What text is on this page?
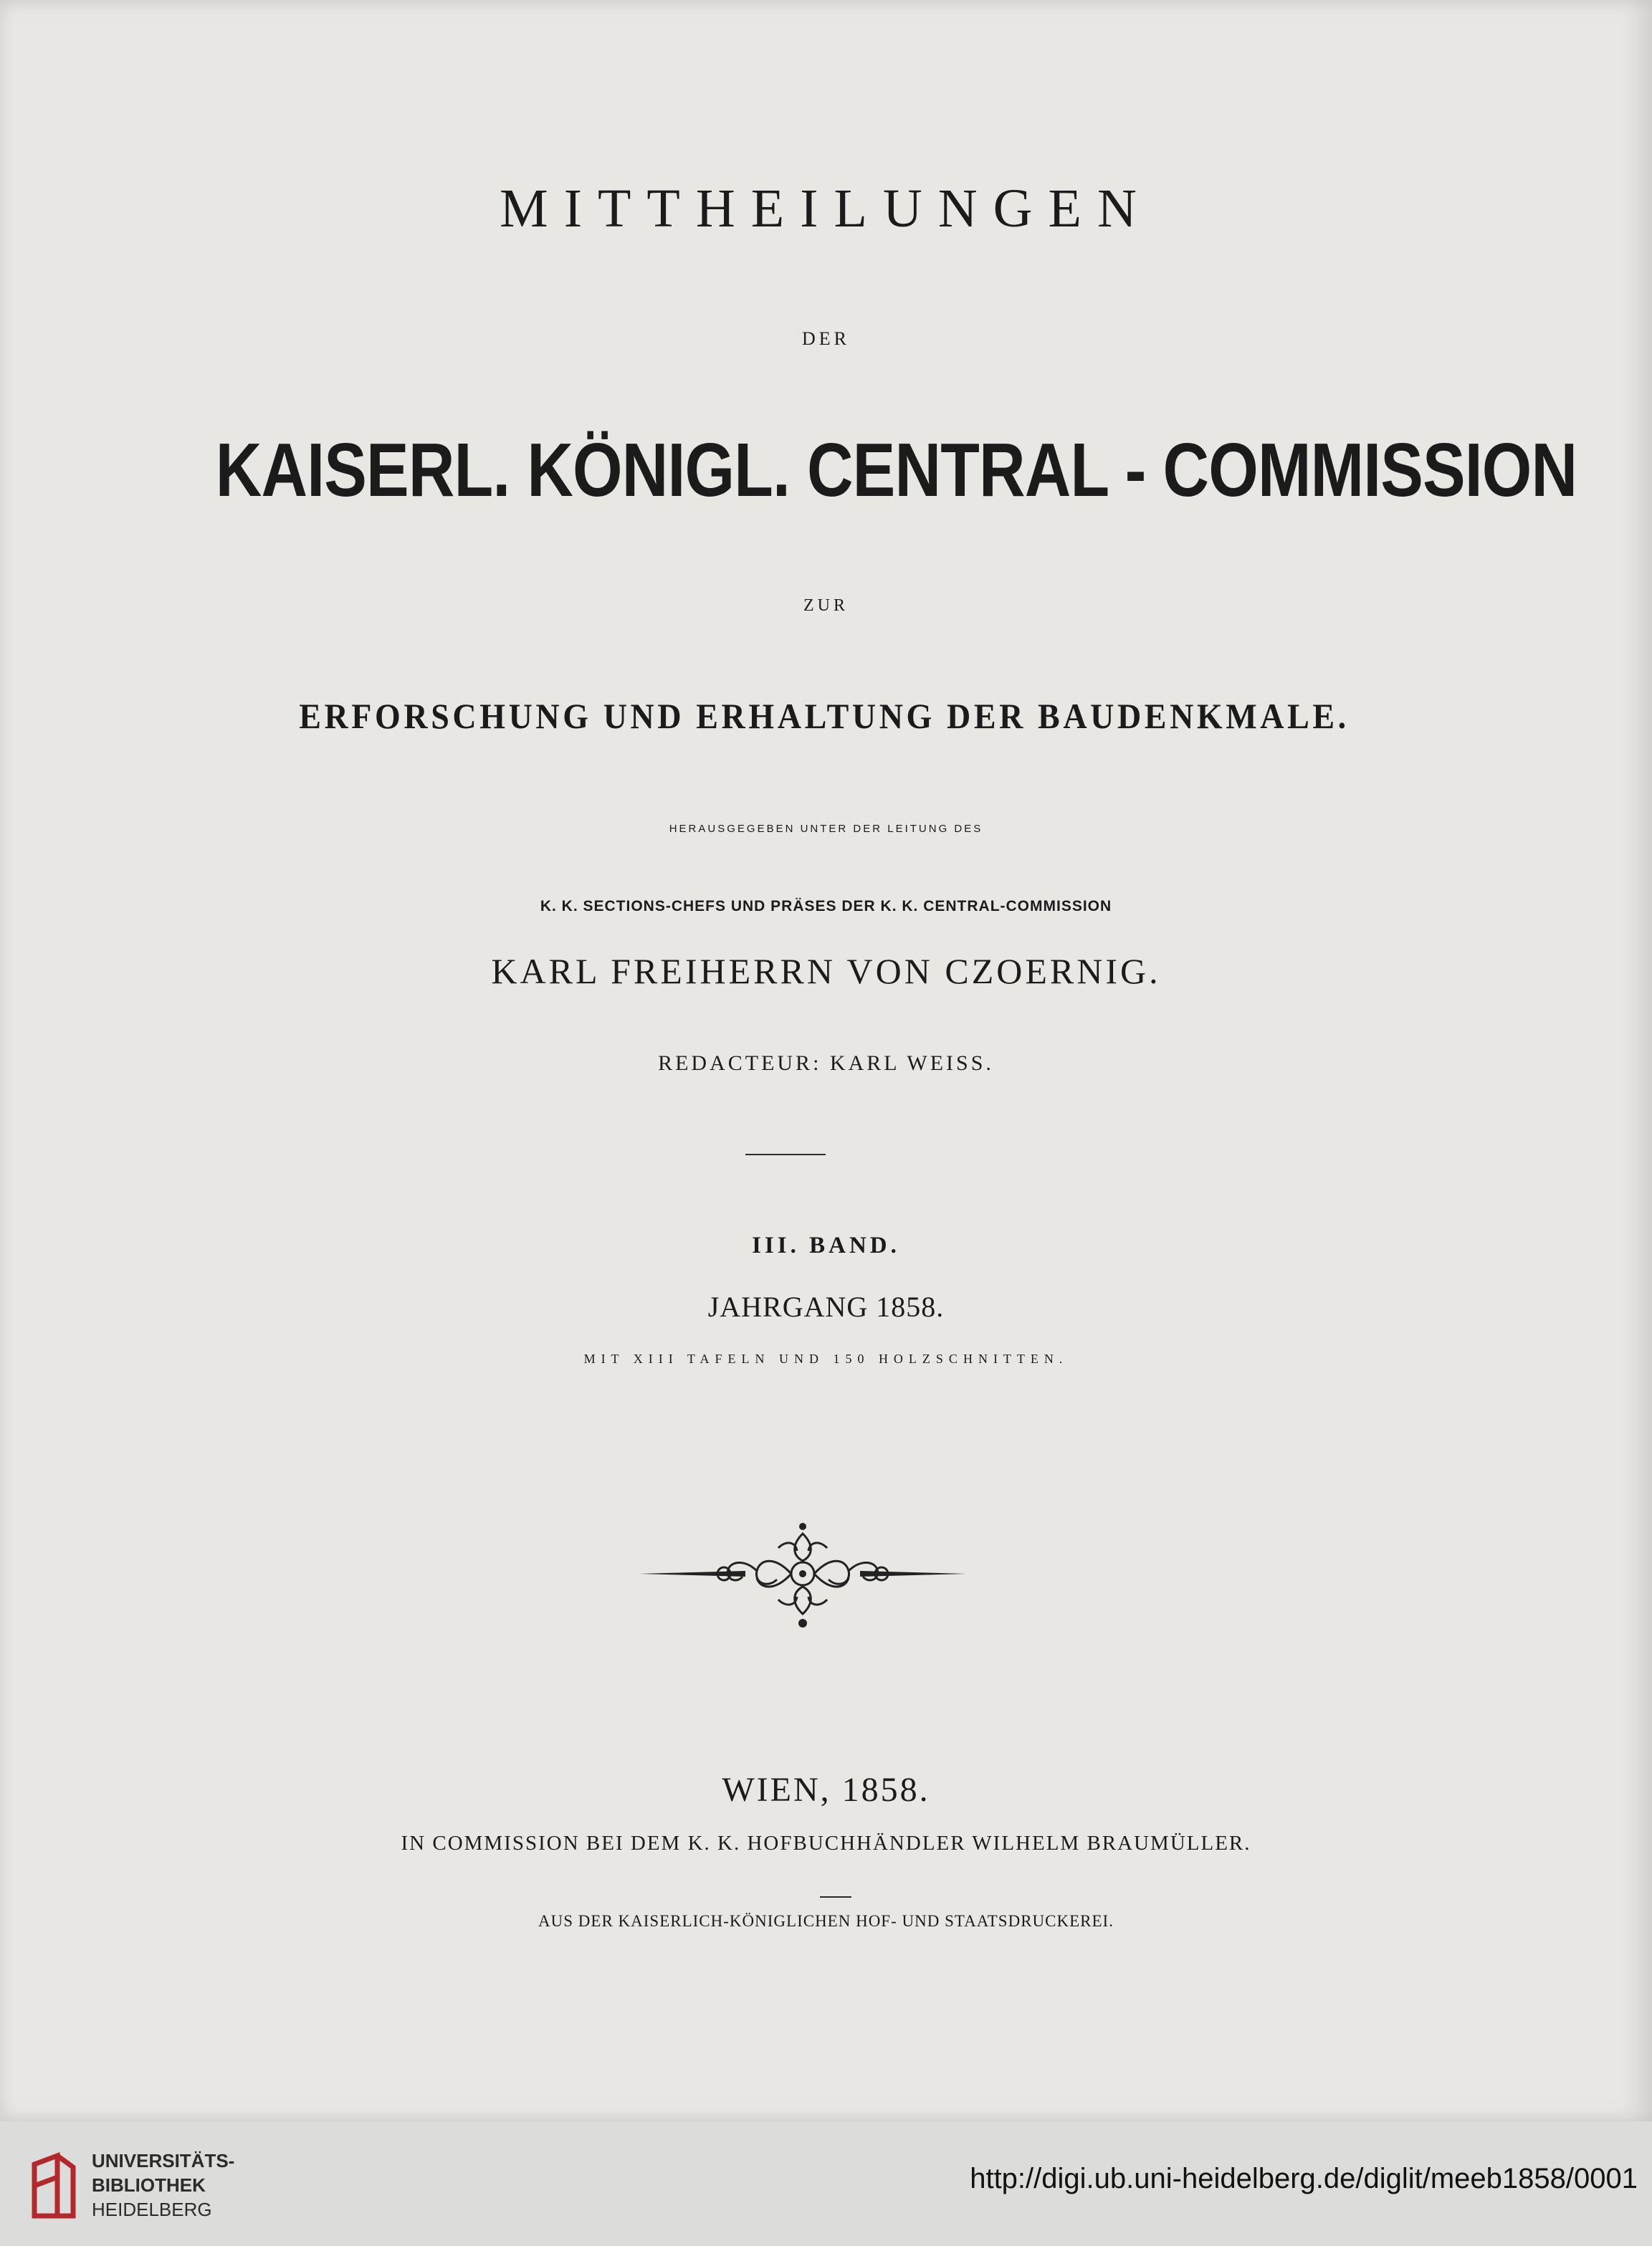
MITTHEILUNGEN
DER
KAISERL. KÖNIGL. CENTRAL - COMMISSION
ZUR
ERFORSCHUNG UND ERHALTUNG DER BAUDENKMALE.
HERAUSGEGEBEN UNTER DER LEITUNG DES
K. K. SECTIONS-CHEFS UND PRÄSES DER K. K. CENTRAL-COMMISSION
KARL FREIHERRN VON CZOERNIG.
REDACTEUR: KARL WEISS.
III. BAND.
JAHRGANG 1858.
MIT XIII TAFELN UND 150 HOLZSCHNITTEN.
WIEN, 1858.
IN COMMISSION BEI DEM K. K. HOFBUCHHÄNDLER WILHELM BRAUMÜLLER.
AUS DER KAISERLICH-KÖNIGLICHEN HOF- UND STAATSDRUCKEREI.
UNIVERSITÄTS-
BIBLIOTHEK
HEIDELBERG
http://digi.ub.uni-heidelberg.de/diglit/meeb1858/0001
